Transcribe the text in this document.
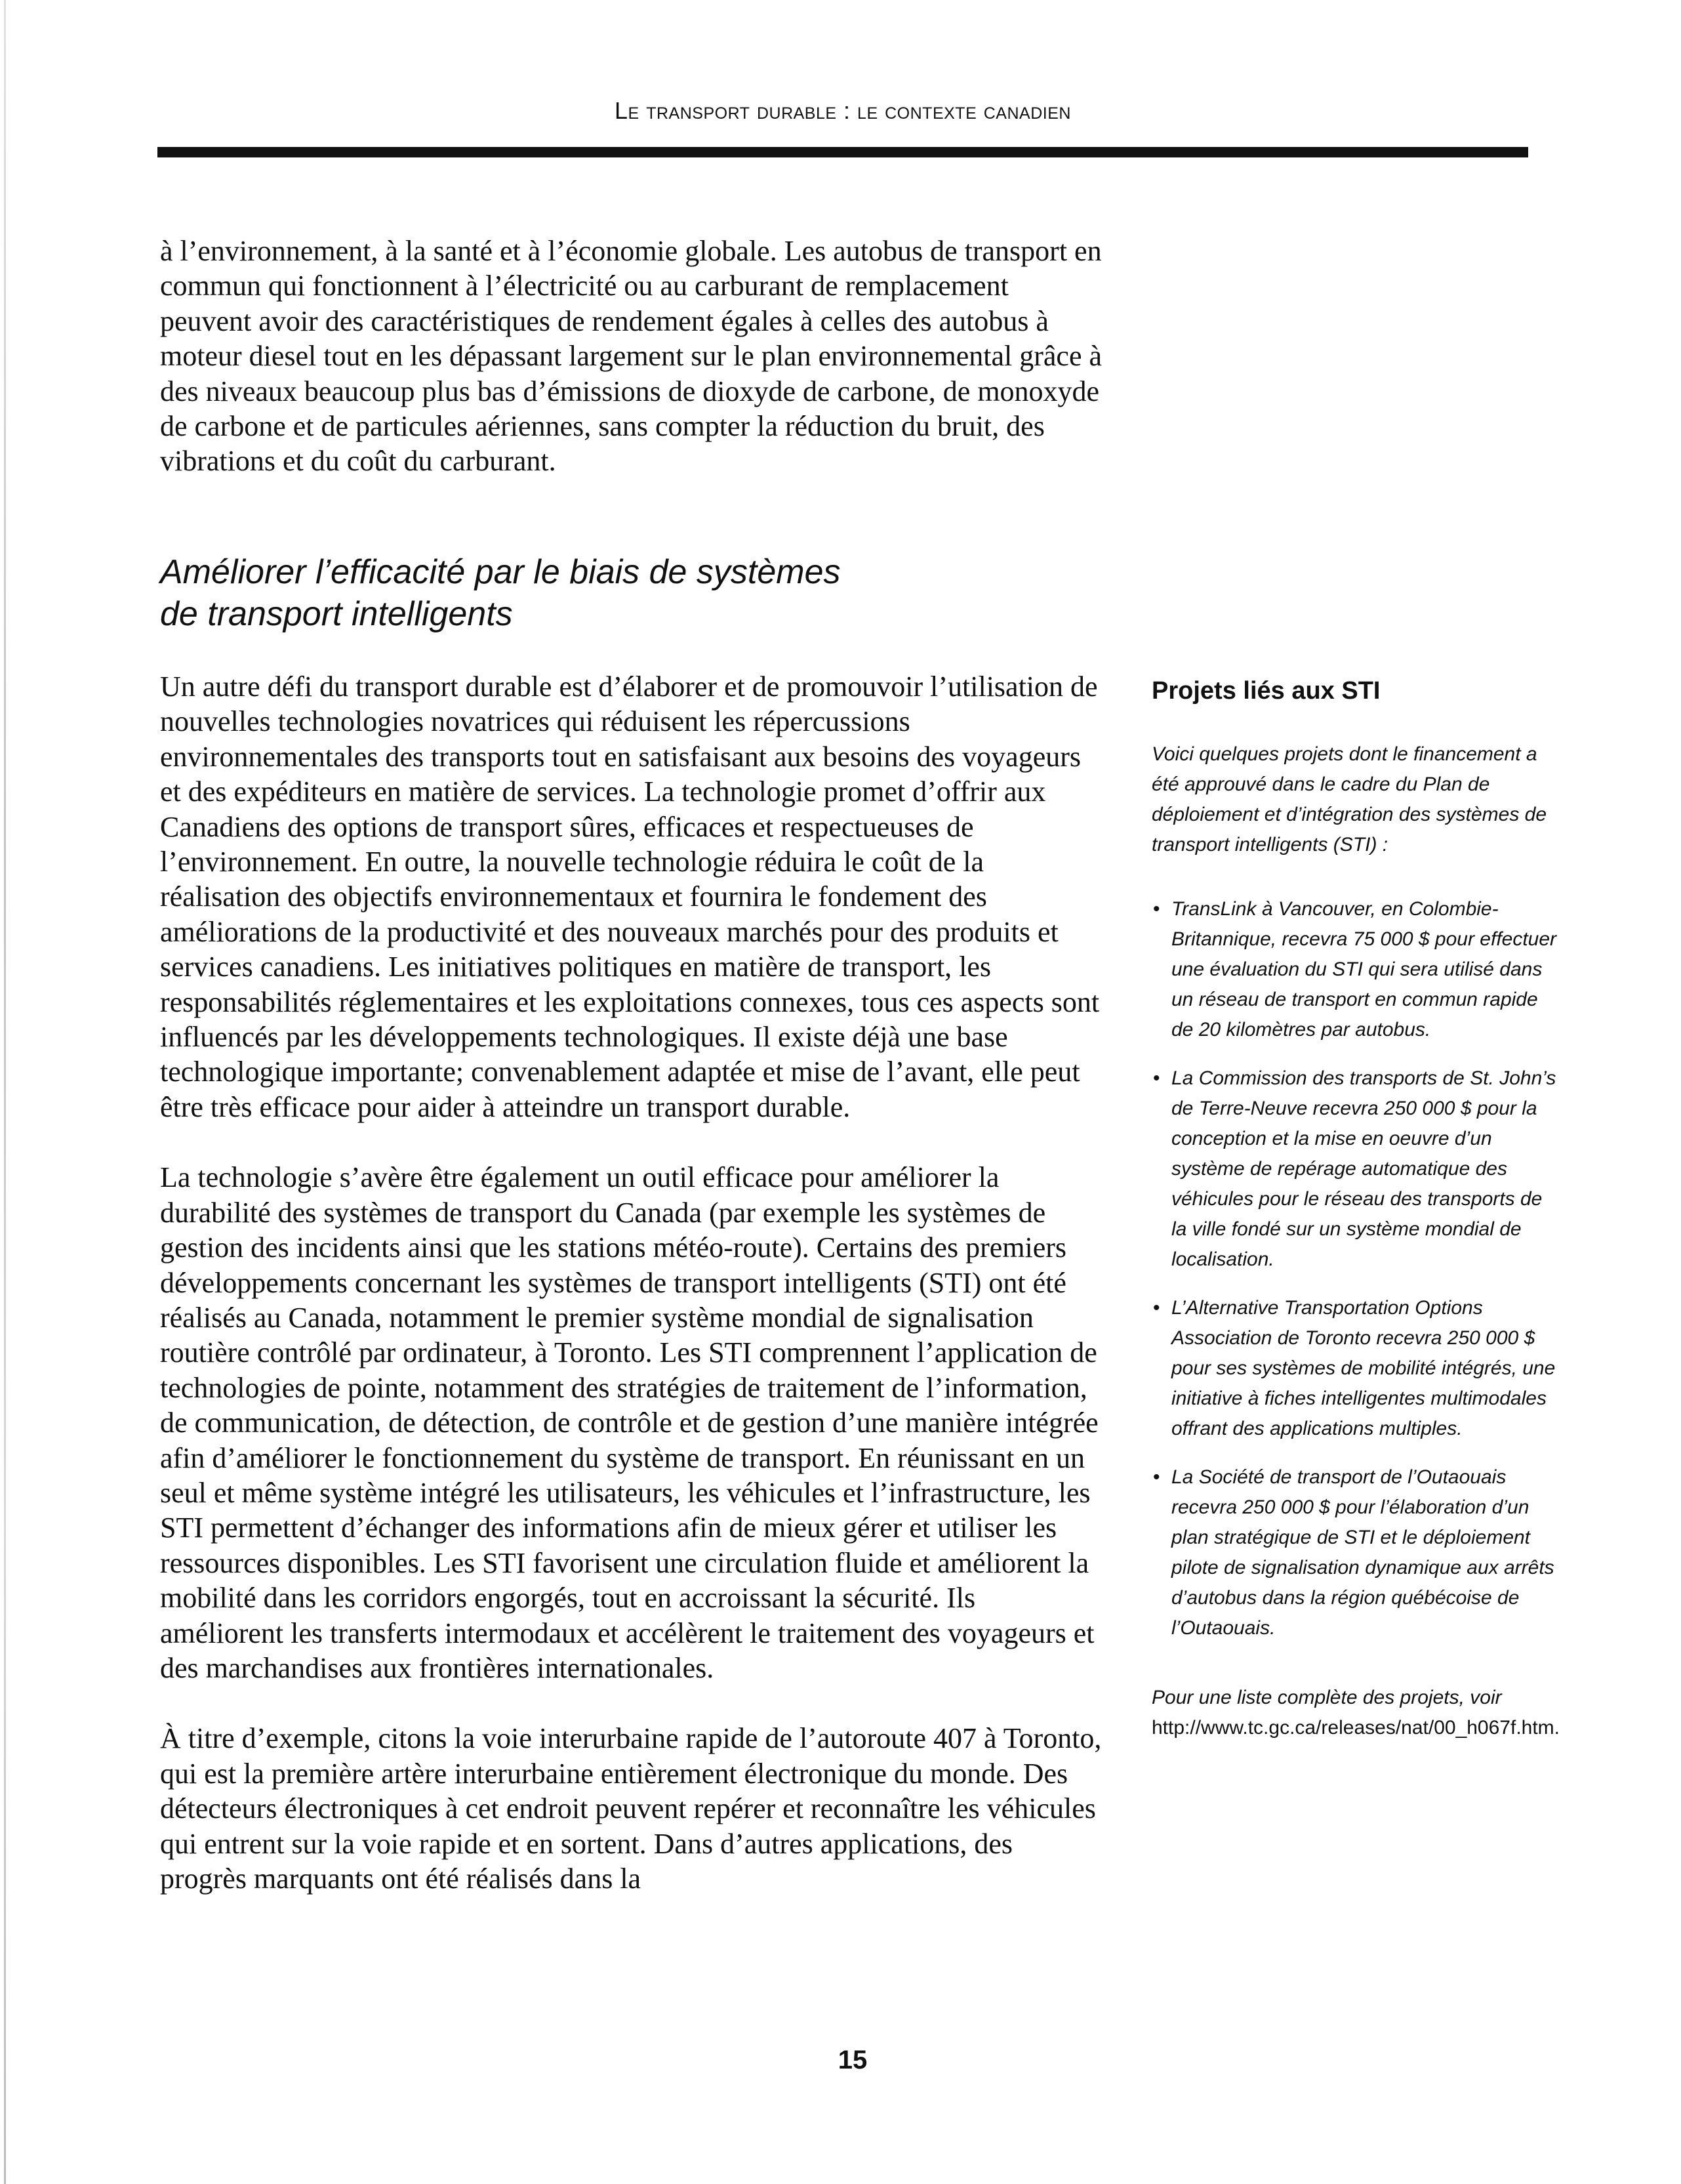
Le transport durable : le contexte canadien

à l’environnement, à la santé et à l’économie globale. Les autobus de transport en commun qui fonctionnent à l’électricité ou au carburant de remplacement peuvent avoir des caractéristiques de rendement égales à celles des autobus à moteur diesel tout en les dépassant largement sur le plan environnemental grâce à des niveaux beaucoup plus bas d’émissions de dioxyde de carbone, de monoxyde de carbone et de particules aériennes, sans compter la réduction du bruit, des vibrations et du coût du carburant.

Améliorer l’efficacité par le biais de systèmes
de transport intelligents

Un autre défi du transport durable est d’élaborer et de promouvoir l’utilisation de nouvelles technologies novatrices qui réduisent les répercussions environnementales des transports tout en satisfaisant aux besoins des voyageurs et des expéditeurs en matière de services. La technologie promet d’offrir aux Canadiens des options de transport sûres, efficaces et respectueuses de l’environnement. En outre, la nouvelle technologie réduira le coût de la réalisation des objectifs environnementaux et fournira le fondement des améliorations de la productivité et des nouveaux marchés pour des produits et services canadiens. Les initiatives politiques en matière de transport, les responsabilités réglementaires et les exploitations connexes, tous ces aspects sont influencés par les développements technologiques. Il existe déjà une base technologique importante; convenablement adaptée et mise de l’avant, elle peut être très efficace pour aider à atteindre un transport durable.

La technologie s’avère être également un outil efficace pour améliorer la durabilité des systèmes de transport du Canada (par exemple les systèmes de gestion des incidents ainsi que les stations météo-route). Certains des premiers développements concernant les systèmes de transport intelligents (STI) ont été réalisés au Canada, notamment le premier système mondial de signalisation routière contrôlé par ordinateur, à Toronto. Les STI comprennent l’application de technologies de pointe, notamment des stratégies de traitement de l’information, de communication, de détection, de contrôle et de gestion d’une manière intégrée afin d’améliorer le fonctionnement du système de transport. En réunissant en un seul et même système intégré les utilisateurs, les véhicules et l’infrastructure, les STI permettent d’échanger des informations afin de mieux gérer et utiliser les ressources disponibles. Les STI favorisent une circulation fluide et améliorent la mobilité dans les corridors engorgés, tout en accroissant la sécurité. Ils améliorent les transferts intermodaux et accélèrent le traitement des voyageurs et des marchandises aux frontières internationales.

À titre d’exemple, citons la voie interurbaine rapide de l’autoroute 407 à Toronto, qui est la première artère interurbaine entièrement électronique du monde. Des détecteurs électroniques à cet endroit peuvent repérer et reconnaître les véhicules qui entrent sur la voie rapide et en sortent. Dans d’autres applications, des progrès marquants ont été réalisés dans la

Projets liés aux STI

Voici quelques projets dont le financement a été approuvé dans le cadre du Plan de déploiement et d’intégration des systèmes de transport intelligents (STI) :

• TransLink à Vancouver, en Colombie-Britannique, recevra 75 000 $ pour effectuer une évaluation du STI qui sera utilisé dans un réseau de transport en commun rapide de 20 kilomètres par autobus.
• La Commission des transports de St. John’s de Terre-Neuve recevra 250 000 $ pour la conception et la mise en oeuvre d’un système de repérage automatique des véhicules pour le réseau des transports de la ville fondé sur un système mondial de localisation.
• L’Alternative Transportation Options Association de Toronto recevra 250 000 $ pour ses systèmes de mobilité intégrés, une initiative à fiches intelligentes multimodales offrant des applications multiples.
• La Société de transport de l’Outaouais recevra 250 000 $ pour l’élaboration d’un plan stratégique de STI et le déploiement pilote de signalisation dynamique aux arrêts d’autobus dans la région québécoise de l’Outaouais.

Pour une liste complète des projets, voir http://www.tc.gc.ca/releases/nat/00_h067f.htm.

15
